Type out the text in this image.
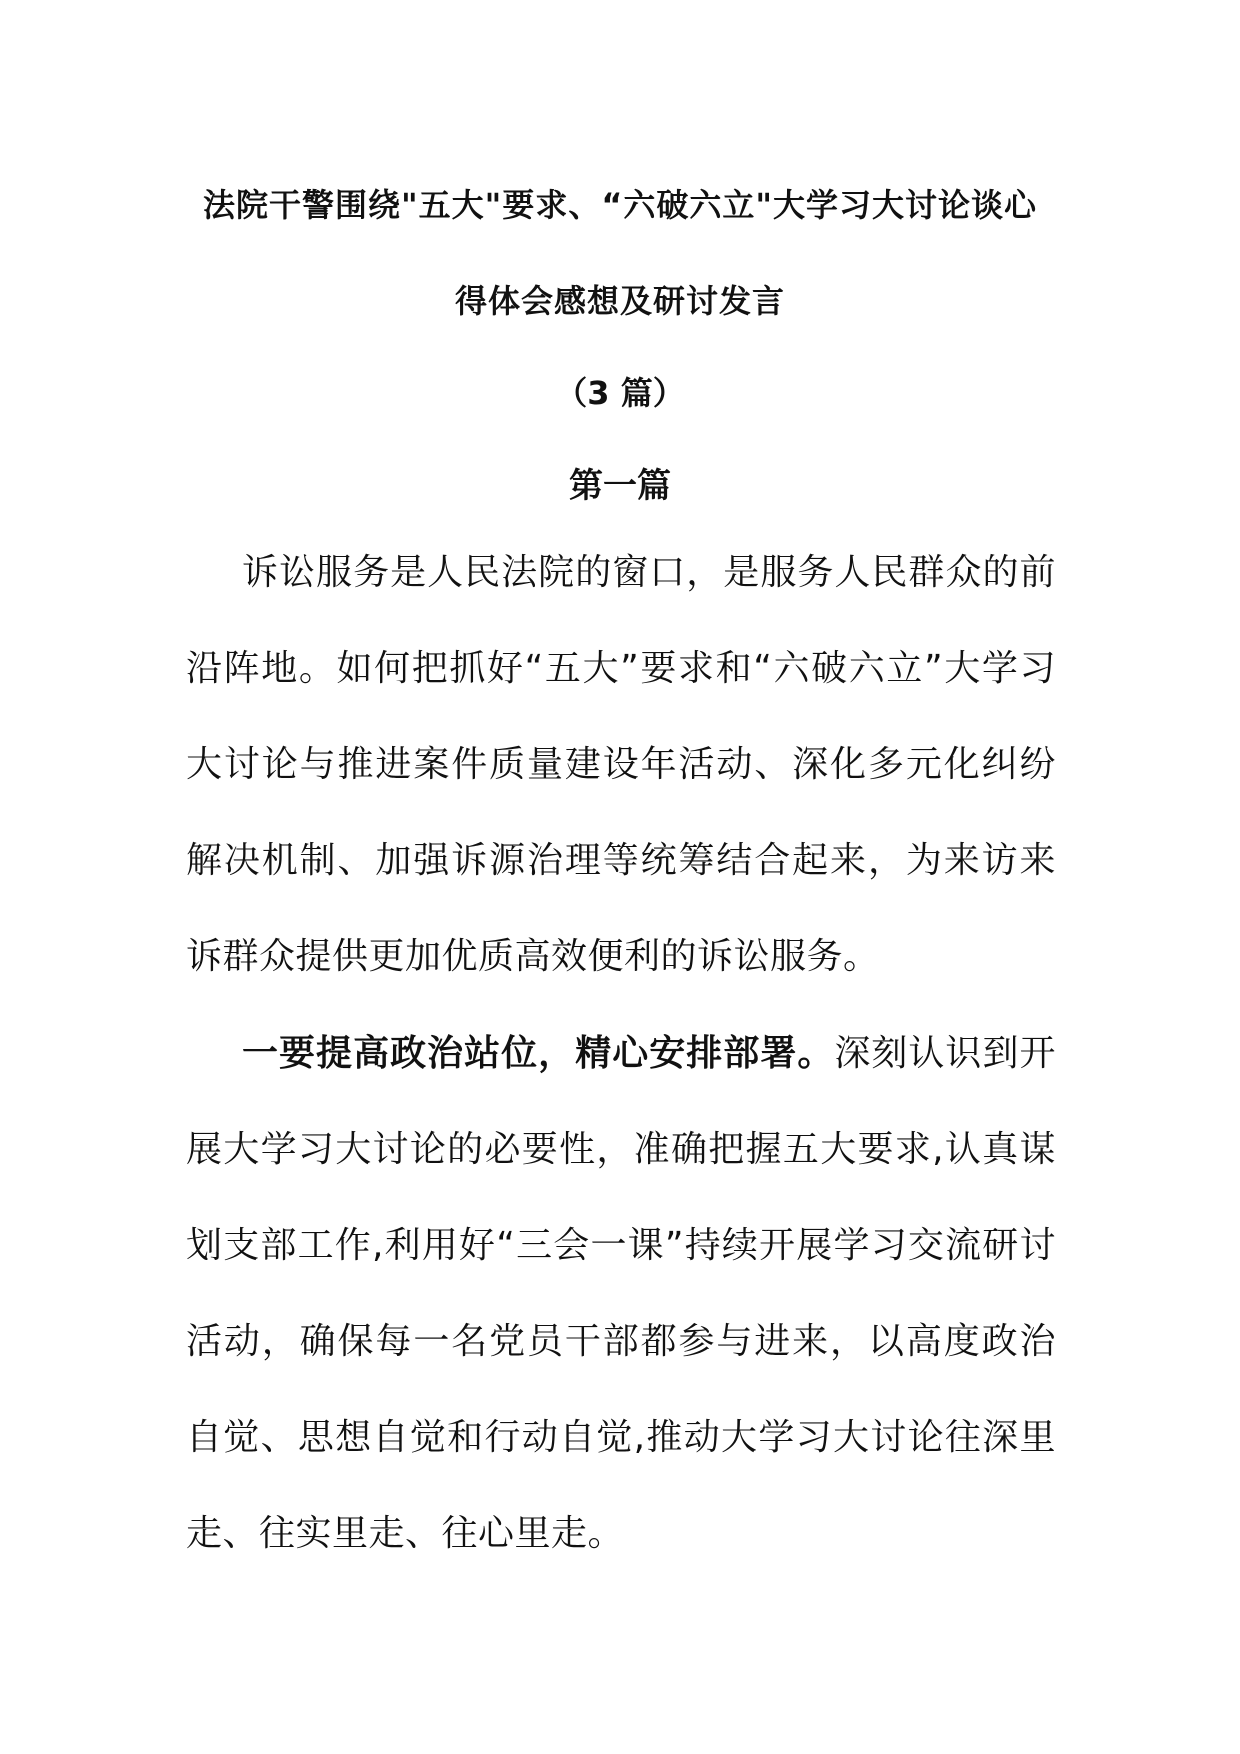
法院干警围绕"五大"要求、“六破六立"大学习大讨论谈心
得体会感想及研讨发言

（3 篇）

第一篇

诉讼服务是人民法院的窗口，是服务人民群众的前沿阵地。如何把抓好“五大”要求和“六破六立”大学习大讨论与推进案件质量建设年活动、深化多元化纠纷解决机制、加强诉源治理等统筹结合起来，为来访来诉群众提供更加优质高效便利的诉讼服务。

一要提高政治站位，精心安排部署。深刻认识到开展大学习大讨论的必要性，准确把握五大要求,认真谋划支部工作,利用好“三会一课”持续开展学习交流研讨活动，确保每一名党员干部都参与进来，以高度政治自觉、思想自觉和行动自觉,推动大学习大讨论往深里走、往实里走、往心里走。
